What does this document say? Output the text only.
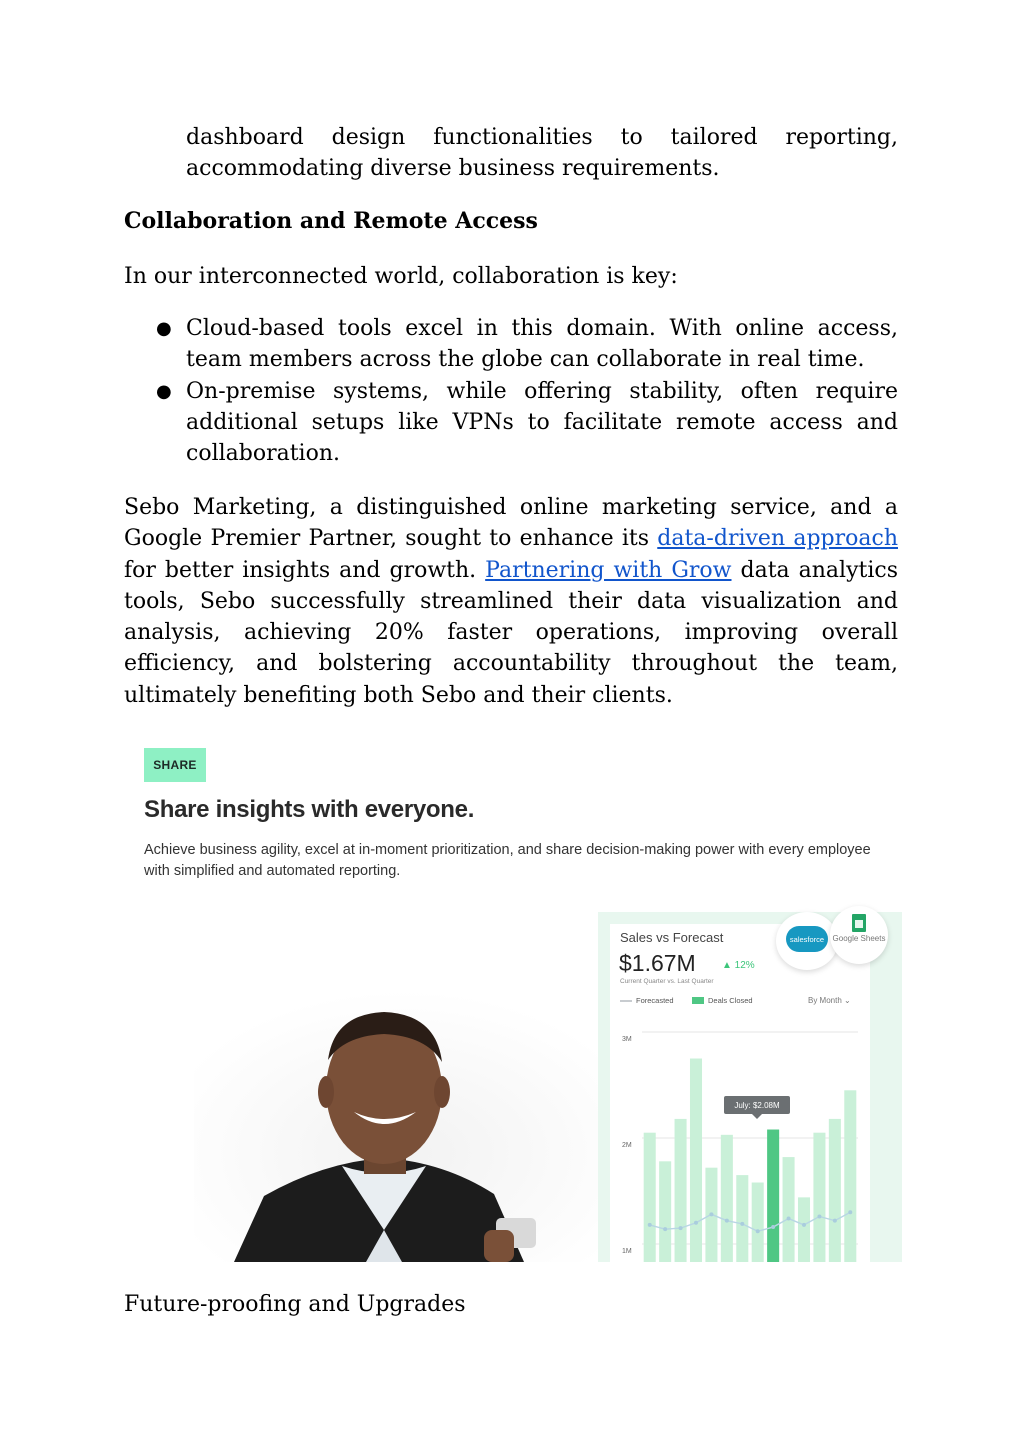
dashboard design functionalities to tailored reporting, accommodating diverse business requirements.

Collaboration and Remote Access

In our interconnected world, collaboration is key:

● Cloud-based tools excel in this domain. With online access, team members across the globe can collaborate in real time.
● On-premise systems, while offering stability, often require additional setups like VPNs to facilitate remote access and collaboration.

Sebo Marketing, a distinguished online marketing service, and a Google Premier Partner, sought to enhance its data-driven approach for better insights and growth. Partnering with Grow data analytics tools, Sebo successfully streamlined their data visualization and analysis, achieving 20% faster operations, improving overall efficiency, and bolstering accountability throughout the team, ultimately benefiting both Sebo and their clients.

SHARE
Share insights with everyone.

Achieve business agility, excel at in-moment prioritization, and share decision-making power with every employee with simplified and automated reporting.

Sales vs Forecast
$1.67M	▲ 12%
Current Quarter vs. Last Quarter
Forecasted	Deals Closed	By Month ⌄
3M
2M
1M
July: $2.08M
salesforce	Google Sheets

Future-proofing and Upgrades
